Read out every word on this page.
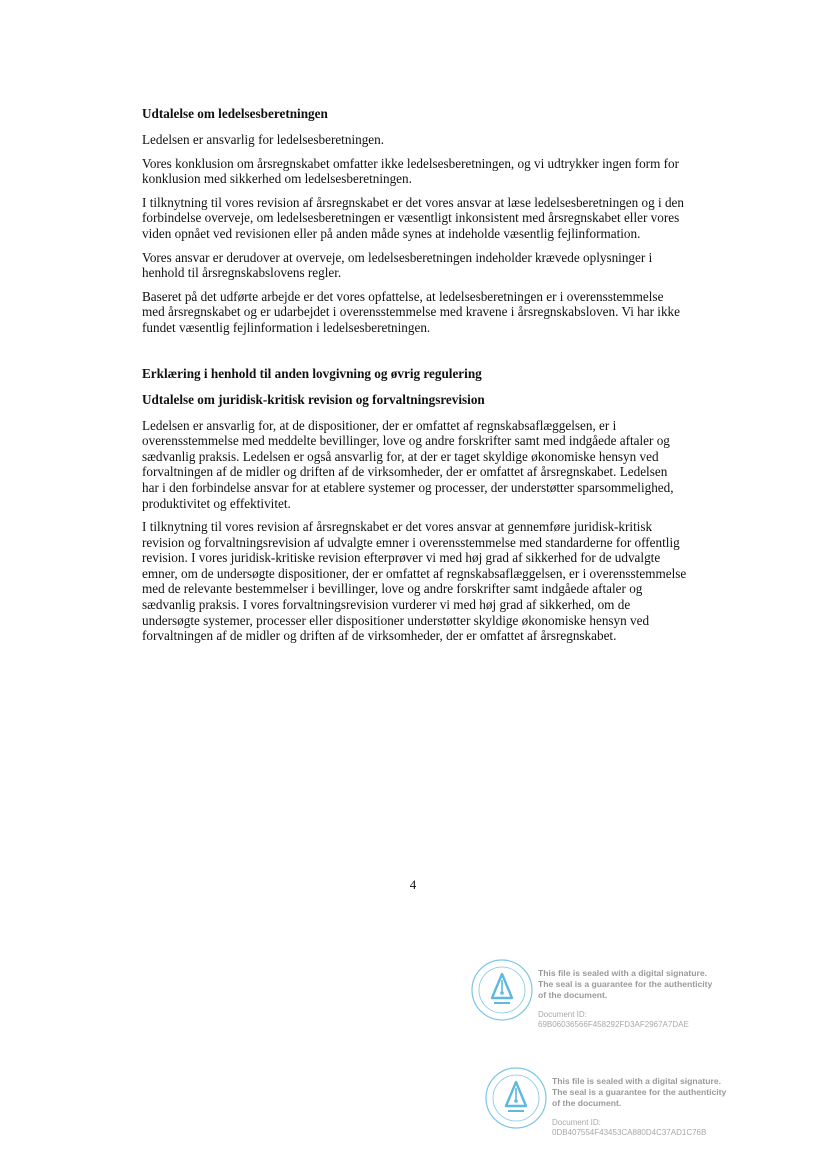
Udtalelse om ledelsesberetningen

Ledelsen er ansvarlig for ledelsesberetningen.

Vores konklusion om årsregnskabet omfatter ikke ledelsesberetningen, og vi udtrykker ingen form for konklusion med sikkerhed om ledelsesberetningen.

I tilknytning til vores revision af årsregnskabet er det vores ansvar at læse ledelsesberetningen og i den forbindelse overveje, om ledelsesberetningen er væsentligt inkonsistent med årsregnskabet eller vores viden opnået ved revisionen eller på anden måde synes at indeholde væsentlig fejlinformation.

Vores ansvar er derudover at overveje, om ledelsesberetningen indeholder krævede oplysninger i henhold til årsregnskabslovens regler.

Baseret på det udførte arbejde er det vores opfattelse, at ledelsesberetningen er i overensstemmelse med årsregnskabet og er udarbejdet i overensstemmelse med kravene i årsregnskabsloven. Vi har ikke fundet væsentlig fejlinformation i ledelsesberetningen.

Erklæring i henhold til anden lovgivning og øvrig regulering
Udtalelse om juridisk-kritisk revision og forvaltningsrevision

Ledelsen er ansvarlig for, at de dispositioner, der er omfattet af regnskabsaflæggelsen, er i overensstemmelse med meddelte bevillinger, love og andre forskrifter samt med indgåede aftaler og sædvanlig praksis. Ledelsen er også ansvarlig for, at der er taget skyldige økonomiske hensyn ved forvaltningen af de midler og driften af de virksomheder, der er omfattet af årsregnskabet. Ledelsen har i den forbindelse ansvar for at etablere systemer og processer, der understøtter sparsommelighed, produktivitet og effektivitet.

I tilknytning til vores revision af årsregnskabet er det vores ansvar at gennemføre juridisk-kritisk revision og forvaltningsrevision af udvalgte emner i overensstemmelse med standarderne for offentlig revision. I vores juridisk-kritiske revision efterprøver vi med høj grad af sikkerhed for de udvalgte emner, om de undersøgte dispositioner, der er omfattet af regnskabsaflæggelsen, er i overensstemmelse med de relevante bestemmelser i bevillinger, love og andre forskrifter samt indgåede aftaler og sædvanlig praksis. I vores forvaltningsrevision vurderer vi med høj grad af sikkerhed, om de undersøgte systemer, processer eller dispositioner understøtter skyldige økonomiske hensyn ved forvaltningen af de midler og driften af de virksomheder, der er omfattet af årsregnskabet.

4
This file is sealed with a digital signature.
The seal is a guarantee for the authenticity
of the document.
Document ID:
69B06036566F458292FD3AF2967A7DAE
This file is sealed with a digital signature.
The seal is a guarantee for the authenticity
of the document.
Document ID:
0DB407554F43453CA880D4C37AD1C76B
